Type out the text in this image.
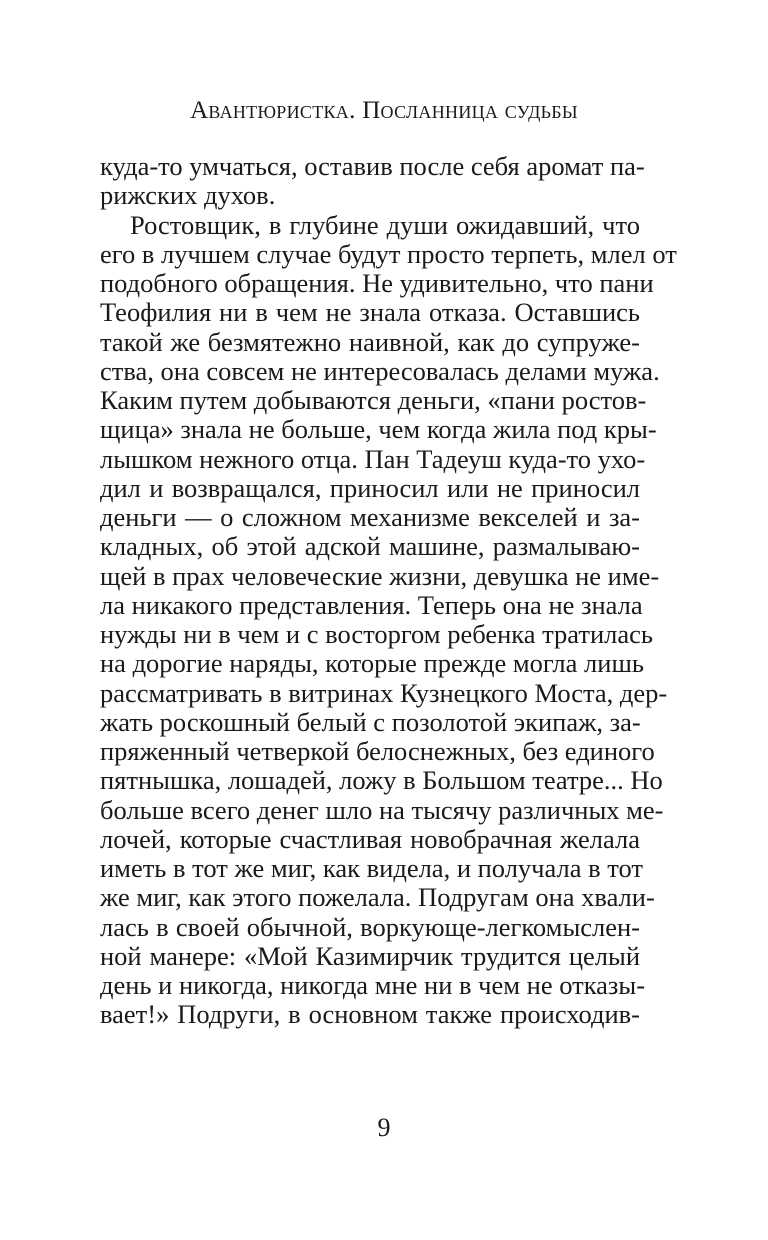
Авантюристка. Посланница судьбы
куда-то умчаться, оставив после себя аромат па-
рижских духов.
Ростовщик, в глубине души ожидавший, что
его в лучшем случае будут просто терпеть, млел от
подобного обращения. Не удивительно, что пани
Теофилия ни в чем не знала отказа. Оставшись
такой же безмятежно наивной, как до супруже-
ства, она совсем не интересовалась делами мужа.
Каким путем добываются деньги, «пани ростов-
щица» знала не больше, чем когда жила под кры-
лышком нежного отца. Пан Тадеуш куда-то ухо-
дил и возвращался, приносил или не приносил
деньги — о сложном механизме векселей и за-
кладных, об этой адской машине, размалываю-
щей в прах человеческие жизни, девушка не име-
ла никакого представления. Теперь она не знала
нужды ни в чем и с восторгом ребенка тратилась
на дорогие наряды, которые прежде могла лишь
рассматривать в витринах Кузнецкого Моста, дер-
жать роскошный белый с позолотой экипаж, за-
пряженный четверкой белоснежных, без единого
пятнышка, лошадей, ложу в Большом театре... Но
больше всего денег шло на тысячу различных ме-
лочей, которые счастливая новобрачная желала
иметь в тот же миг, как видела, и получала в тот
же миг, как этого пожелала. Подругам она хвали-
лась в своей обычной, воркующе-легкомыслен-
ной манере: «Мой Казимирчик трудится целый
день и никогда, никогда мне ни в чем не отказы-
вает!» Подруги, в основном также происходив-
9
